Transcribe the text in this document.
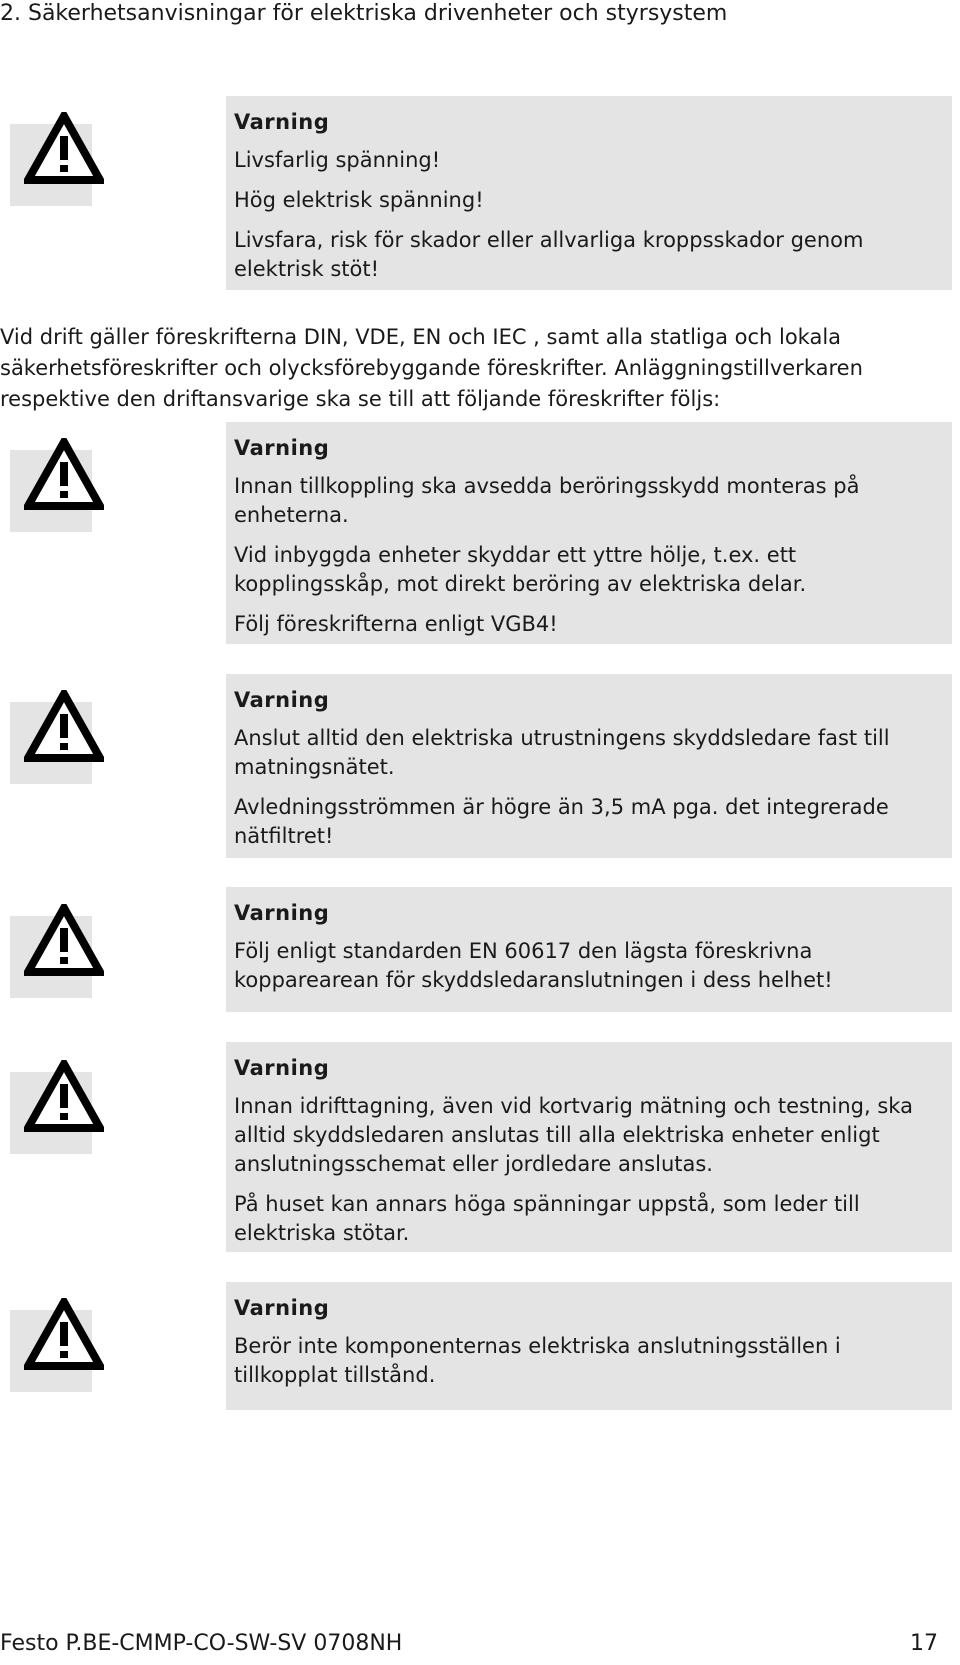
2. Säkerhetsanvisningar för elektriska drivenheter och styrsystem
Varning
Livsfarlig spänning!
Hög elektrisk spänning!
Livsfara, risk för skador eller allvarliga kroppsskador genom elektrisk stöt!
Vid drift gäller föreskrifterna DIN, VDE, EN och IEC , samt alla statliga och lokala säkerhetsföreskrifter och olycksförebyggande föreskrifter. Anläggningstillverkaren respektive den driftansvarige ska se till att följande föreskrifter följs:
Varning
Innan tillkoppling ska avsedda beröringsskydd monteras på enheterna.
Vid inbyggda enheter skyddar ett yttre hölje, t.ex. ett kopplingsskåp, mot direkt beröring av elektriska delar.
Följ föreskrifterna enligt VGB4!
Varning
Anslut alltid den elektriska utrustningens skyddsledare fast till matningsnätet.
Avledningsströmmen är högre än 3,5 mA pga. det integrerade nätfiltret!
Varning
Följ enligt standarden EN 60617 den lägsta föreskrivna kopparearean för skyddsledaranslutningen i dess helhet!
Varning
Innan idrifttagning, även vid kortvarig mätning och testning, ska alltid skyddsledaren anslutas till alla elektriska enheter enligt anslutningsschemat eller jordledare anslutas.
På huset kan annars höga spänningar uppstå, som leder till elektriska stötar.
Varning
Berör inte komponenternas elektriska anslutningsställen i tillkopplat tillstånd.
Festo P.BE-CMMP-CO-SW-SV 0708NH	17
